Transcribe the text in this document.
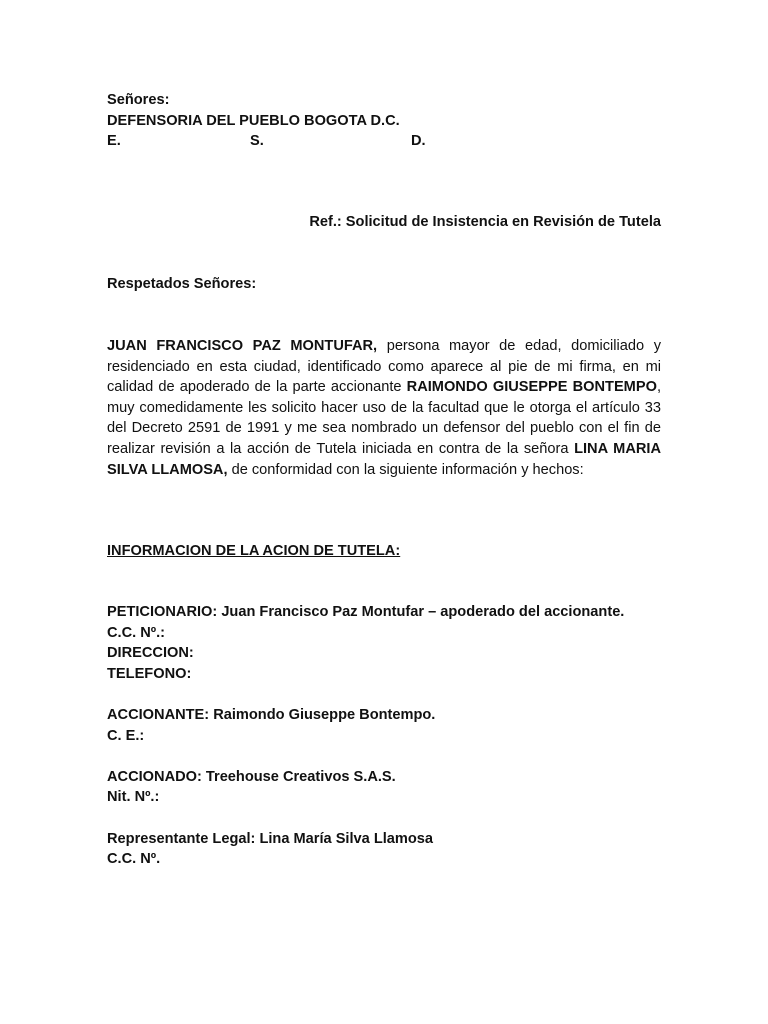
Señores:
DEFENSORIA DEL PUEBLO BOGOTA D.C.
E.	S.	D.
Ref.: Solicitud de Insistencia en Revisión de Tutela
Respetados Señores:
JUAN FRANCISCO PAZ MONTUFAR, persona mayor de edad, domiciliado y residenciado en esta ciudad, identificado como aparece al pie de mi firma, en mi calidad de apoderado de la parte accionante RAIMONDO GIUSEPPE BONTEMPO, muy comedidamente les solicito hacer uso de la facultad que le otorga el artículo 33 del Decreto 2591 de 1991 y me sea nombrado un defensor del pueblo con el fin de realizar revisión a la acción de Tutela iniciada en contra de la señora LINA MARIA SILVA LLAMOSA, de conformidad con la siguiente información y hechos:
INFORMACION DE LA ACION DE TUTELA:
PETICIONARIO: Juan Francisco Paz Montufar – apoderado del accionante.
C.C. Nº.:
DIRECCION:
TELEFONO:
ACCIONANTE: Raimondo Giuseppe Bontempo.
C. E.:
ACCIONADO: Treehouse Creativos S.A.S.
Nit. Nº.:
Representante Legal: Lina María Silva Llamosa
C.C. Nº.
